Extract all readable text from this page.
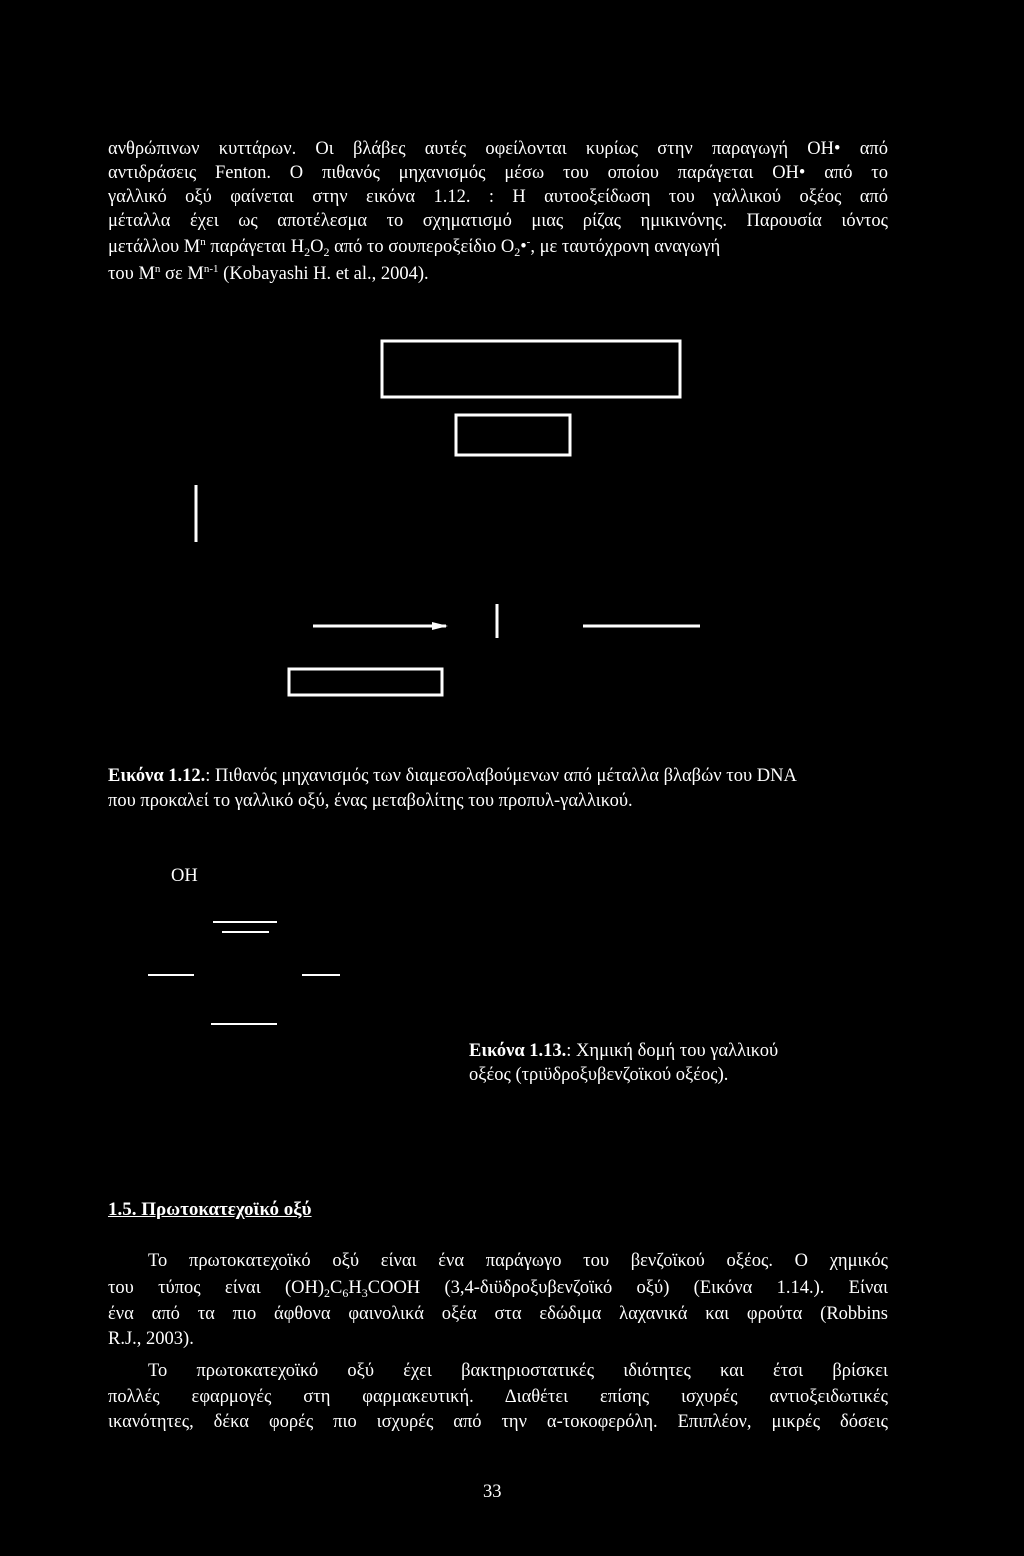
ανθρώπινων κυττάρων. Οι βλάβες αυτές οφείλονται κυρίως στην παραγωγή OH• από
αντιδράσεις Fenton. Ο πιθανός μηχανισμός μέσω του οποίου παράγεται OH• από το
γαλλικό οξύ φαίνεται στην εικόνα 1.12. : Η αυτοοξείδωση του γαλλικού οξέος από
μέταλλα έχει ως αποτέλεσμα το σχηματισμό μιας ρίζας ημικινόνης. Παρουσία ιόντος
μετάλλου $M^n$ παράγεται $H_2O_2$ από το σουπεροξείδιο $O_2•^-$, με ταυτόχρονη αναγωγή
του $M^n$ σε $M^{n-1}$ (Kobayashi H. et al., 2004).
Εικόνα 1.12.: Πιθανός μηχανισμός των διαμεσολαβούμενων από μέταλλα βλαβών του DNA
που προκαλεί το γαλλικό οξύ, ένας μεταβολίτης του προπυλ-γαλλικού.
OH
Εικόνα 1.13.: Χημική δομή του γαλλικού
οξέος (τριϋδροξυβενζοϊκού οξέος).
1.5. Πρωτοκατεχοϊκό οξύ
Το πρωτοκατεχοϊκό οξύ είναι ένα παράγωγο του βενζοϊκού οξέος. Ο χημικός
του τύπος είναι $(OH)_2C_6H_3COOH$ (3,4-διϋδροξυβενζοϊκό οξύ) (Εικόνα 1.14.). Είναι
ένα από τα πιο άφθονα φαινολικά οξέα στα εδώδιμα λαχανικά και φρούτα (Robbins
R.J., 2003).
Το πρωτοκατεχοϊκό οξύ έχει βακτηριοστατικές ιδιότητες και έτσι βρίσκει
πολλές εφαρμογές στη φαρμακευτική. Διαθέτει επίσης ισχυρές αντιοξειδωτικές
ικανότητες, δέκα φορές πιο ισχυρές από την α-τοκοφερόλη. Επιπλέον, μικρές δόσεις
33
